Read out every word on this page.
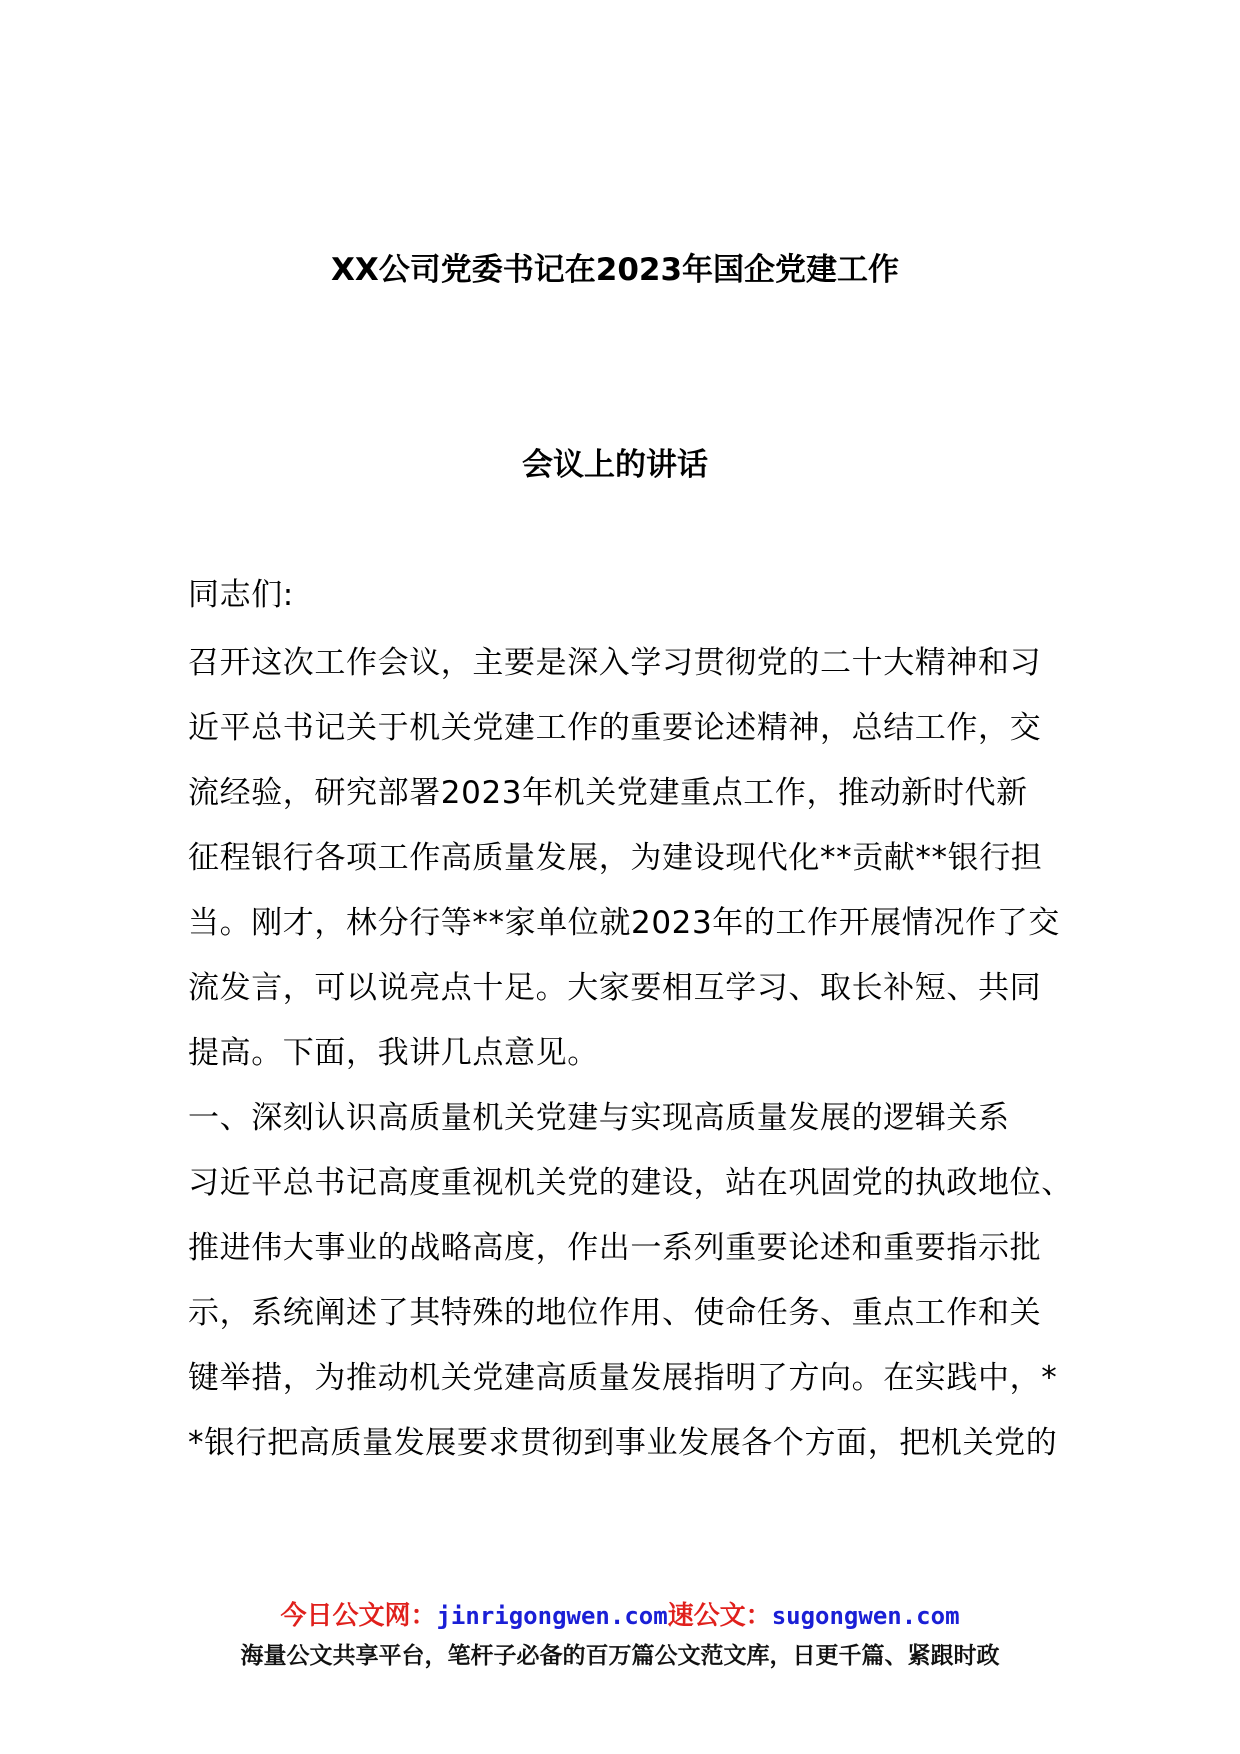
XX公司党委书记在2023年国企党建工作
会议上的讲话
同志们:
召开这次工作会议，主要是深入学习贯彻党的二十大精神和习
近平总书记关于机关党建工作的重要论述精神，总结工作，交
流经验，研究部署2023年机关党建重点工作，推动新时代新
征程银行各项工作高质量发展，为建设现代化**贡献**银行担
当。刚才，林分行等**家单位就2023年的工作开展情况作了交
流发言，可以说亮点十足。大家要相互学习、取长补短、共同
提高。下面，我讲几点意见。
一、深刻认识高质量机关党建与实现高质量发展的逻辑关系
习近平总书记高度重视机关党的建设，站在巩固党的执政地位、
推进伟大事业的战略高度，作出一系列重要论述和重要指示批
示，系统阐述了其特殊的地位作用、使命任务、重点工作和关
键举措，为推动机关党建高质量发展指明了方向。在实践中，*
*银行把高质量发展要求贯彻到事业发展各个方面，把机关党的
今日公文网：jinrigongwen.com速公文：sugongwen.com
海量公文共享平台，笔杆子必备的百万篇公文范文库，日更千篇、紧跟时政
